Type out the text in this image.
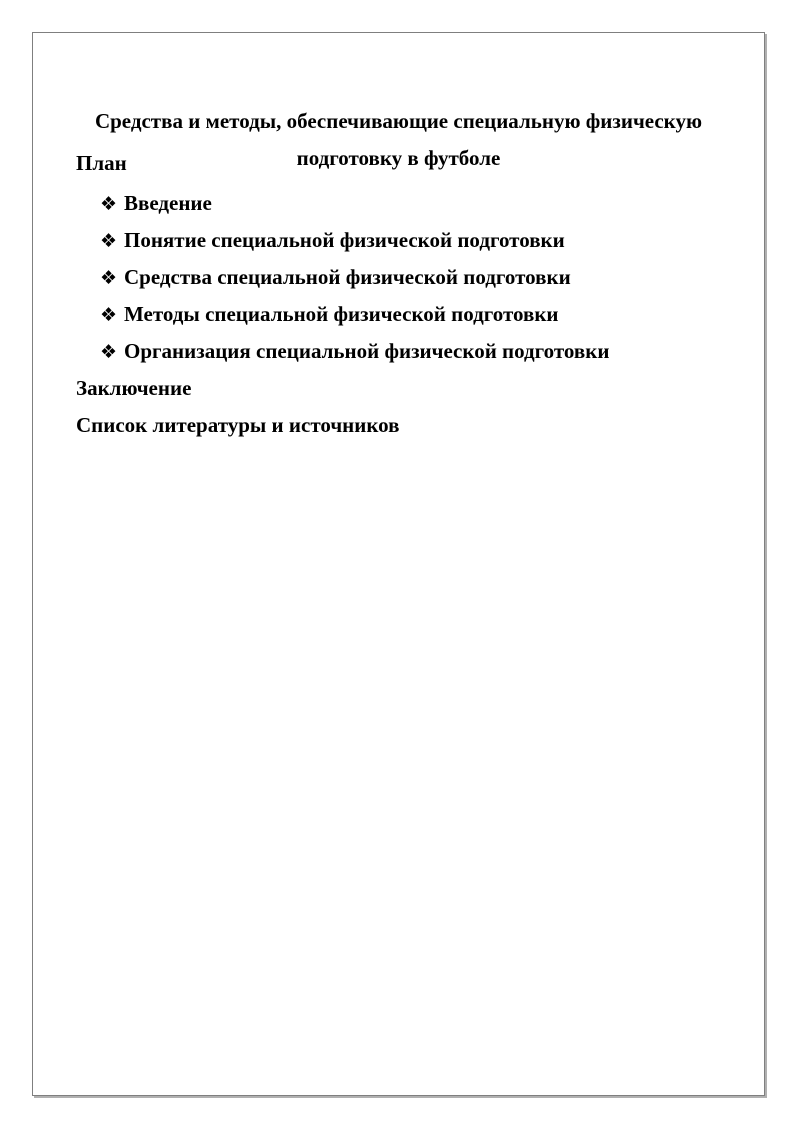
Средства и методы, обеспечивающие специальную физическую
подготовку в футболе

План

❖ Введение
❖ Понятие специальной физической подготовки
❖ Средства специальной физической подготовки
❖ Методы специальной физической подготовки
❖ Организация специальной физической подготовки
Заключение
Список литературы и источников
